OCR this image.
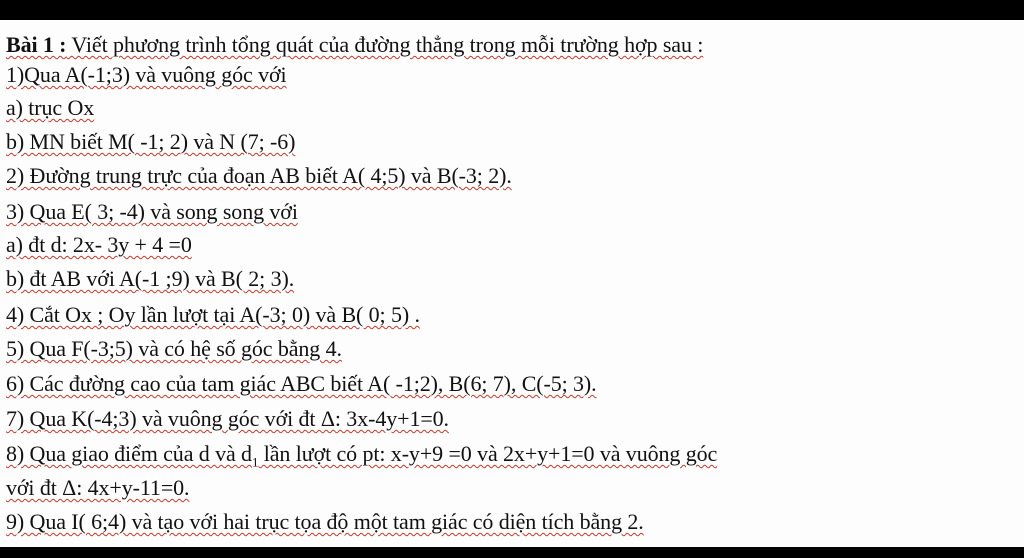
Bài 1 : Viết phương trình tổng quát của đường thẳng trong mỗi trường hợp sau :
1)Qua A(-1;3) và vuông góc với
a) trục Ox
b) MN biết M( -1; 2) và N (7; -6)
2) Đường trung trực của đoạn AB biết A( 4;5) và B(-3; 2).
3) Qua E( 3; -4) và song song với
a) đt d: 2x- 3y + 4 =0
b) đt AB với A(-1 ;9) và B( 2; 3).
4) Cắt Ox ; Oy lần lượt tại A(-3; 0) và B( 0; 5) .
5) Qua F(-3;5) và có hệ số góc bằng 4.
6) Các đường cao của tam giác ABC biết A( -1;2), B(6; 7), C(-5; 3).
7) Qua K(-4;3) và vuông góc với đt Δ: 3x-4y+1=0.
8) Qua giao điểm của d và $d_1$ lần lượt có pt: x-y+9 =0 và 2x+y+1=0 và vuông góc
với đt Δ: 4x+y-11=0.
9) Qua I( 6;4) và tạo với hai trục tọa độ một tam giác có diện tích bằng 2.
